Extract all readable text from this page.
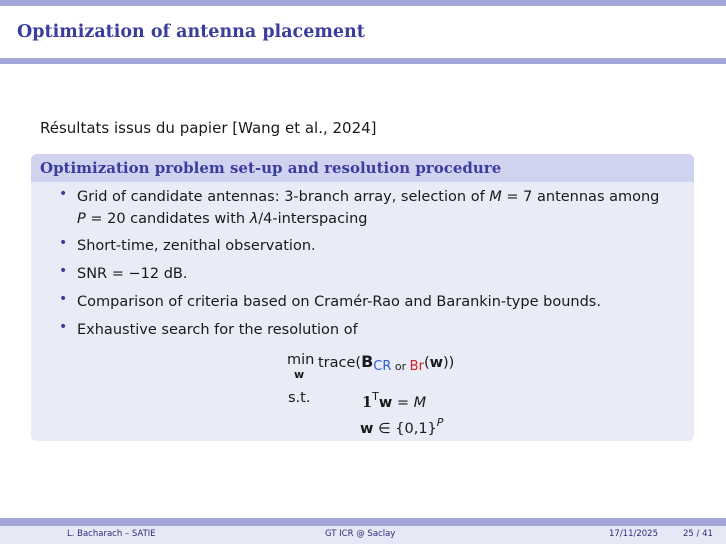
Optimization of antenna placement
Résultats issus du papier [Wang et al., 2024]
Optimization problem set-up and resolution procedure
• Grid of candidate antennas: 3-branch array, selection of M = 7 antennas among
P = 20 candidates with λ/4-interspacing
• Short-time, zenithal observation.
• SNR = −12 dB.
• Comparison of criteria based on Cramér-Rao and Barankin-type bounds.
• Exhaustive search for the resolution of
min
w
trace(BCR $_{or}$ Br(w))
s.t.	$1^Tw = M$
w ∈ $\{0,1\}^P$
L. Bacharach – SATIE	GT ICR @ Saclay	17/11/2025	25 / 41
